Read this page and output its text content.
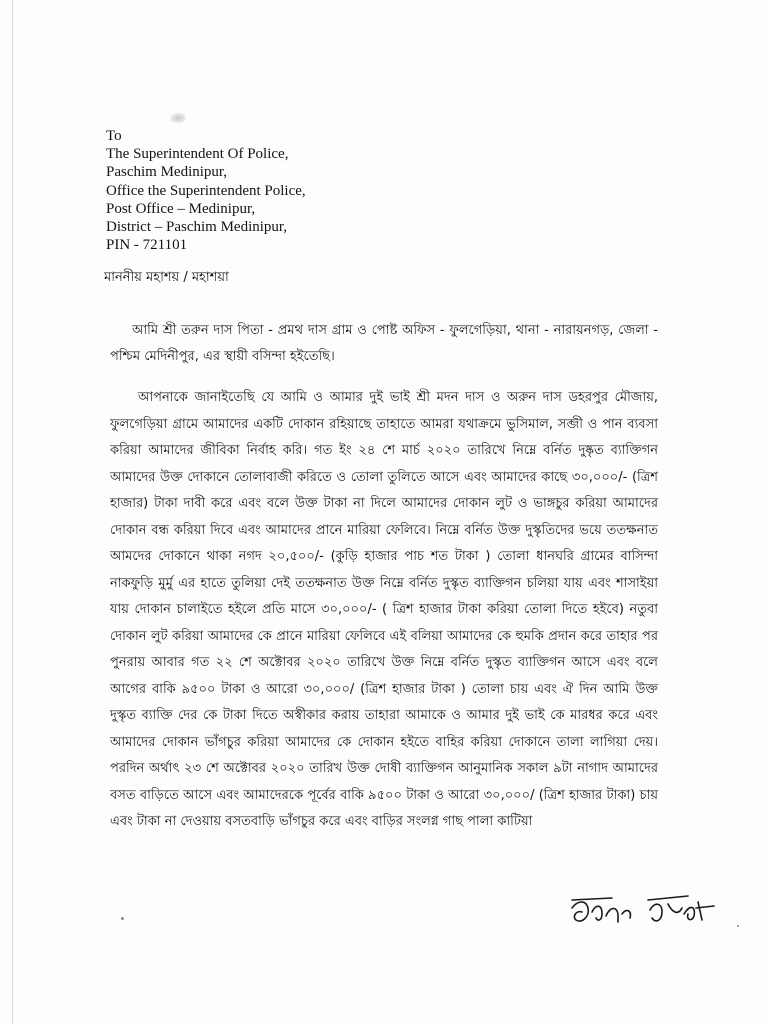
To
The Superintendent Of Police,
Paschim Medinipur,
Office the Superintendent Police,
Post Office – Medinipur,
District – Paschim Medinipur,
PIN - 721101
মাননীয় মহাশয় / মহাশয়া

আমি শ্রী তরুন দাস পিতা - প্রমথ দাস গ্রাম ও পোষ্ট অফিস - ফুলগেড়িয়া, থানা - নারায়নগড়, জেলা - পশ্চিম মেদিনীপুর, এর স্থায়ী বসিন্দা হইতেছি।

আপনাকে জানাইতেছি যে আমি ও আমার দুই ভাই শ্রী মদন দাস ও অরুন দাস ডহরপুর মৌজায়, ফুলগেড়িয়া গ্রামে আমাদের একটি দোকান রহিয়াছে তাহাতে আমরা যথাক্রমে ভুসিমাল, সব্জী ও পান ব্যবসা করিয়া আমাদের জীবিকা নির্বাহ করি। গত ইং ২৪ শে মার্চ ২০২০ তারিখে নিম্নে বর্নিত দুষ্কৃত ব্যাক্তিগন আমাদের উক্ত দোকানে তোলাবাজী করিতে ও তোলা তুলিতে আসে এবং আমাদের কাছে ৩০,০০০/- (ত্রিশ হাজার) টাকা দাবী করে এবং বলে উক্ত টাকা না দিলে আমাদের দোকান লুট ও ভাঙ্গচুর করিয়া আমাদের দোকান বন্ধ করিয়া দিবে এবং আমাদের প্রানে মারিয়া ফেলিবে। নিম্নে বর্নিত উক্ত দুস্কৃতিদের ভয়ে ততক্ষনাত আমদের দোকানে থাকা নগদ ২০,৫০০/- (কুড়ি হাজার পাচ শত টাকা ) তোলা ধানঘরি গ্রামের বাসিন্দা নাকফুড়ি মুর্মু এর হাতে তুলিয়া দেই ততক্ষনাত উক্ত নিম্নে বর্নিত দুস্কৃত ব্যাক্তিগন চলিয়া যায় এবং শাসাইয়া যায় দোকান চালাইতে হইলে প্রতি মাসে ৩০,০০০/- ( ত্রিশ হাজার টাকা করিয়া তোলা দিতে হইবে) নতুবা দোকান লুট করিয়া আমাদের কে প্রানে মারিয়া ফেলিবে এই বলিয়া আমাদের কে হুমকি প্রদান করে তাহার পর পুনরায় আবার গত ২২ শে অক্টোবর ২০২০ তারিখে উক্ত নিম্নে বর্নিত দুস্কৃত ব্যাক্তিগন আসে এবং বলে আগের বাকি ৯৫০০ টাকা ও আরো ৩০,০০০/ (ত্রিশ হাজার টাকা ) তোলা চায় এবং ঐ দিন আমি উক্ত দুস্কৃত ব্যাক্তি দের কে টাকা দিতে অস্বীকার করায় তাহারা আমাকে ও আমার দুই ভাই কে মারধর করে এবং আমাদের দোকান ভাঁগচুর করিয়া আমাদের কে দোকান হইতে বাহির করিয়া দোকানে তালা লাগিয়া দেয়। পরদিন অর্থাৎ ২৩ শে অক্টোবর ২০২০ তারিখ উক্ত দোষী ব্যাক্তিগন আনুমানিক সকাল ৯টা নাগাদ আমাদের বসত বাড়িতে আসে এবং আমাদেরকে পূর্বের বাকি ৯৫০০ টাকা ও আরো ৩০,০০০/ (ত্রিশ হাজার টাকা) চায় এবং টাকা না দেওয়ায় বসতবাড়ি ভাঁগচুর করে এবং বাড়ির সংলগ্ন গাছ পালা কাটিয়া
